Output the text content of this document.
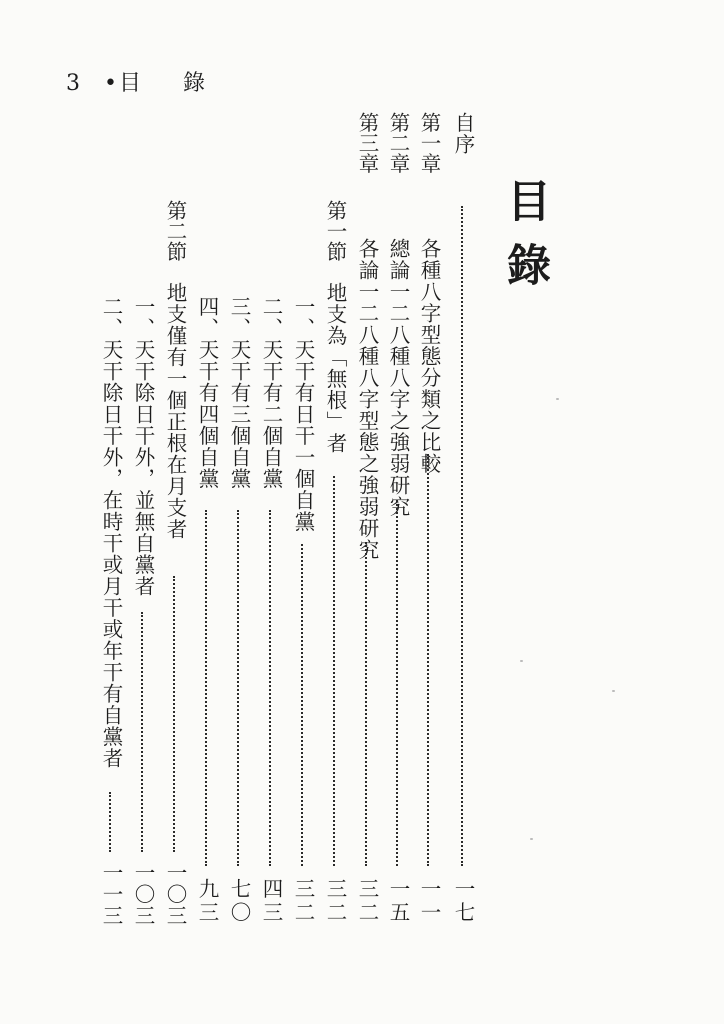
3 •目 錄
目錄
自序
一七
第一章 各種八字型態分類之比較
一一
第二章 總論一二八種八字之強弱研究
一五
第三章 各論一二八種八字型態之強弱研究
三二
第一節 地支為「無根」者
三二
一、天干有日干一個自黨
三二
二、天干有二個自黨
四三
三、天干有三個自黨
七〇
四、天干有四個自黨
九三
第二節 地支僅有一個正根在月支者
一〇三
一、天干除日干外，並無自黨者
一〇三
二、天干除日干外，在時干或月干或年干有自黨者
一一三
